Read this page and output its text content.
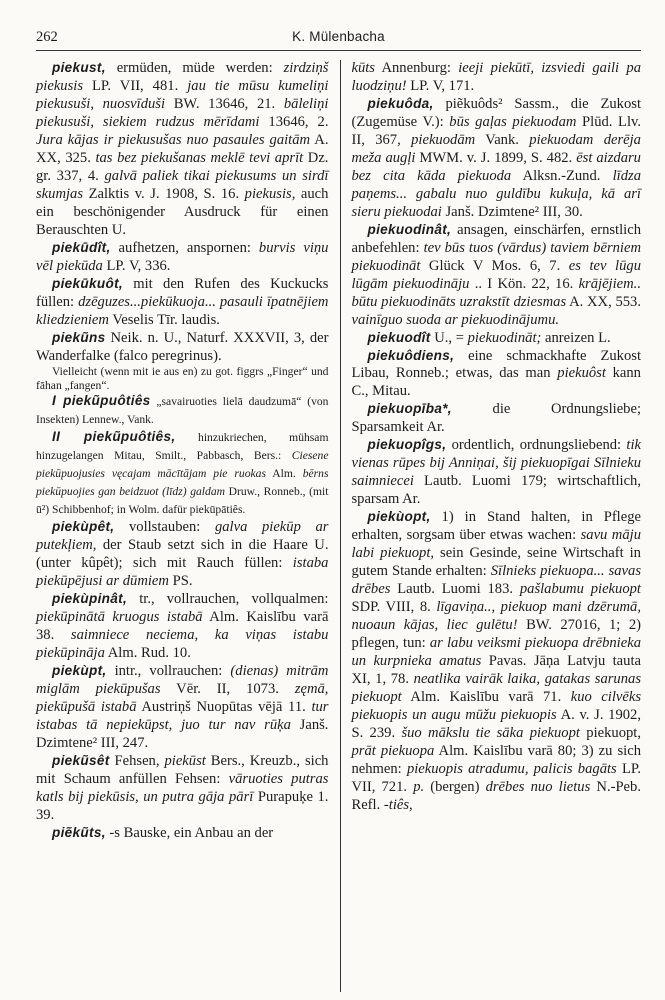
262	K. Mülenbacha

piekust, ermüden, müde werden: zirdziņš piekusis LP. VII, 481. jau tie mūsu kumeliņi piekusuši, nuosvīduši BW. 13646, 21. bāleliņi piekusuši, siekiem rudzus mērīdami 13646, 2. Jura kājas ir piekusušas nuo pasaules gaitām A. XX, 325. tas bez piekušanas meklē tevi aprīt Dz. gr. 337, 4. galvā paliek tikai piekusums un sirdī skumjas Zalktis v. J. 1908, S. 16. piekusis, auch ein beschönigender Ausdruck für einen Berauschten U.

piekūdît, aufhetzen, anspornen: burvis viņu vēl piekūda LP. V, 336.

piekūkuôt, mit den Rufen des Kuckucks füllen: dzēguzes...piekūkuoja... pasauli īpatnējiem kliedzieniem Veselis Tīr. laudis.

piekũns Neik. n. U., Naturf. XXXVII, 3, der Wanderfalke (falco peregrinus).

Vielleicht (wenn mit ie aus en) zu got. figgrs „Finger“ und fāhan „fangen“.

I piekũpuôtiês „savairuoties lielā daudzumā“ (von Insekten) Lennew., Vank.

II piekũpuôtiês, hinzukriechen, mühsam hinzugelangen Mitau, Smilt., Pabbasch, Bers.: Ciesene piekūpuojusies vęcajam mācītājam pie ruokas Alm. bērns piekūpuojies gan beidzuot (līdz) galdam Druw., Ronneb., (mit ū²) Schibbenhof; in Wolm. dafür piekūpātiês.

piekùpêt, vollstauben: galva piekūp ar putekļiem, der Staub setzt sich in die Haare U. (unter kûpêt); sich mit Rauch füllen: istaba piekūpējusi ar dūmiem PS.

piekùpinât, tr., vollrauchen, vollqualmen: piekūpinātā kruogus istabā Alm. Kaislību varā 38. saimniece neciета, ka viņas istabu piekūpināja Alm. Rud. 10.

piekùpt, intr., vollrauchen: (dienas) mitrām miglām piekūpušas Vēr. II, 1073. zęmā, piekūpušā istabā Austriņš Nuopūtas vējā 11. tur istabas tā nepiekūpst, juo tur nav rūķa Janš. Dzimtene² III, 247.

piekũsêt Fehsen, piekūst Bers., Kreuzb., sich mit Schaum anfüllen Fehsen: vāruoties putras katls bij piekūsis, un putra gāja pārī Purapuķe 1. 39.

piẽkũts, -s Bauske, ein Anbau an der

kūts Annenburg: ieeji piekūtī, izsviedi gaili pa luodziņu! LP. V, 171.

piekuôda, piẽkuôds² Sassm., die Zukost (Zugemüse V.): būs gaļas piekuodam Plūd. Llv. II, 367, piekuodām Vank. piekuodam derēja meža augļi MWM. v. J. 1899, S. 482. ēst aizdaru bez cita kāda piekuoda Alksn.-Zund. līdza paņems... gabalu nuo guldību kukuļa, kā arī sieru piekuodai Janš. Dzimtene² III, 30.

piekuodinât, ansagen, einschärfen, ernstlich anbefehlen: tev būs tuos (vārdus) taviem bērniem piekuodināt Glück V Mos. 6, 7. es tev lūgu lūgām piekuodināju .. I Kön. 22, 16. krājējiem.. būtu piekuodināts uzrakstīt dziesmas A. XX, 553. vainīguo suoda ar piekuodinājumu.

piekuodît U., = piekuodināt; anreizen L.

piekuôdiens, eine schmackhafte Zukost Libau, Ronneb.; etwas, das man piekuôst kann C., Mitau.

piekuopība*, die Ordnungsliebe; Sparsamkeit Ar.

piekuopîgs, ordentlich, ordnungsliebend: tik vienas rūpes bij Anniņai, šij piekuopīgai Sīlnieku saimniecei Lautb. Luomi 179; wirtschaftlich, sparsam Ar.

piekùopt, 1) in Stand halten, in Pflege erhalten, sorgsam über etwas wachen: savu māju labi piekuopt, sein Gesinde, seine Wirtschaft in gutem Stande erhalten: Sīlnieks piekuopa... savas drēbes Lautb. Luomi 183. pašlabumu piekuopt SDP. VIII, 8. līgaviņa.., piekuop mani dzērumā, nuoaun kājas, liec gulētu! BW. 27016, 1; 2) pflegen, tun: ar labu veiksmi piekuopa drēbnieka un kurpnieka amatus Pavas. Jāņa Latvju tauta XI, 1, 78. neatlika vairāk laika, gatakas sarunas piekuopt Alm. Kaislību varā 71. kuo cilvēks piekuopis un augu mūžu piekuopis A. v. J. 1902, S. 239. šuo mākslu tie sāka piekuopt piekuopt, prāt piekuopa Alm. Kaislību varā 80; 3) zu sich nehmen: piekuopis atradumu, palicis bagāts LP. VII, 721. p. (bergen) drēbes nuo lietus N.-Peb. Refl. -tiês,
